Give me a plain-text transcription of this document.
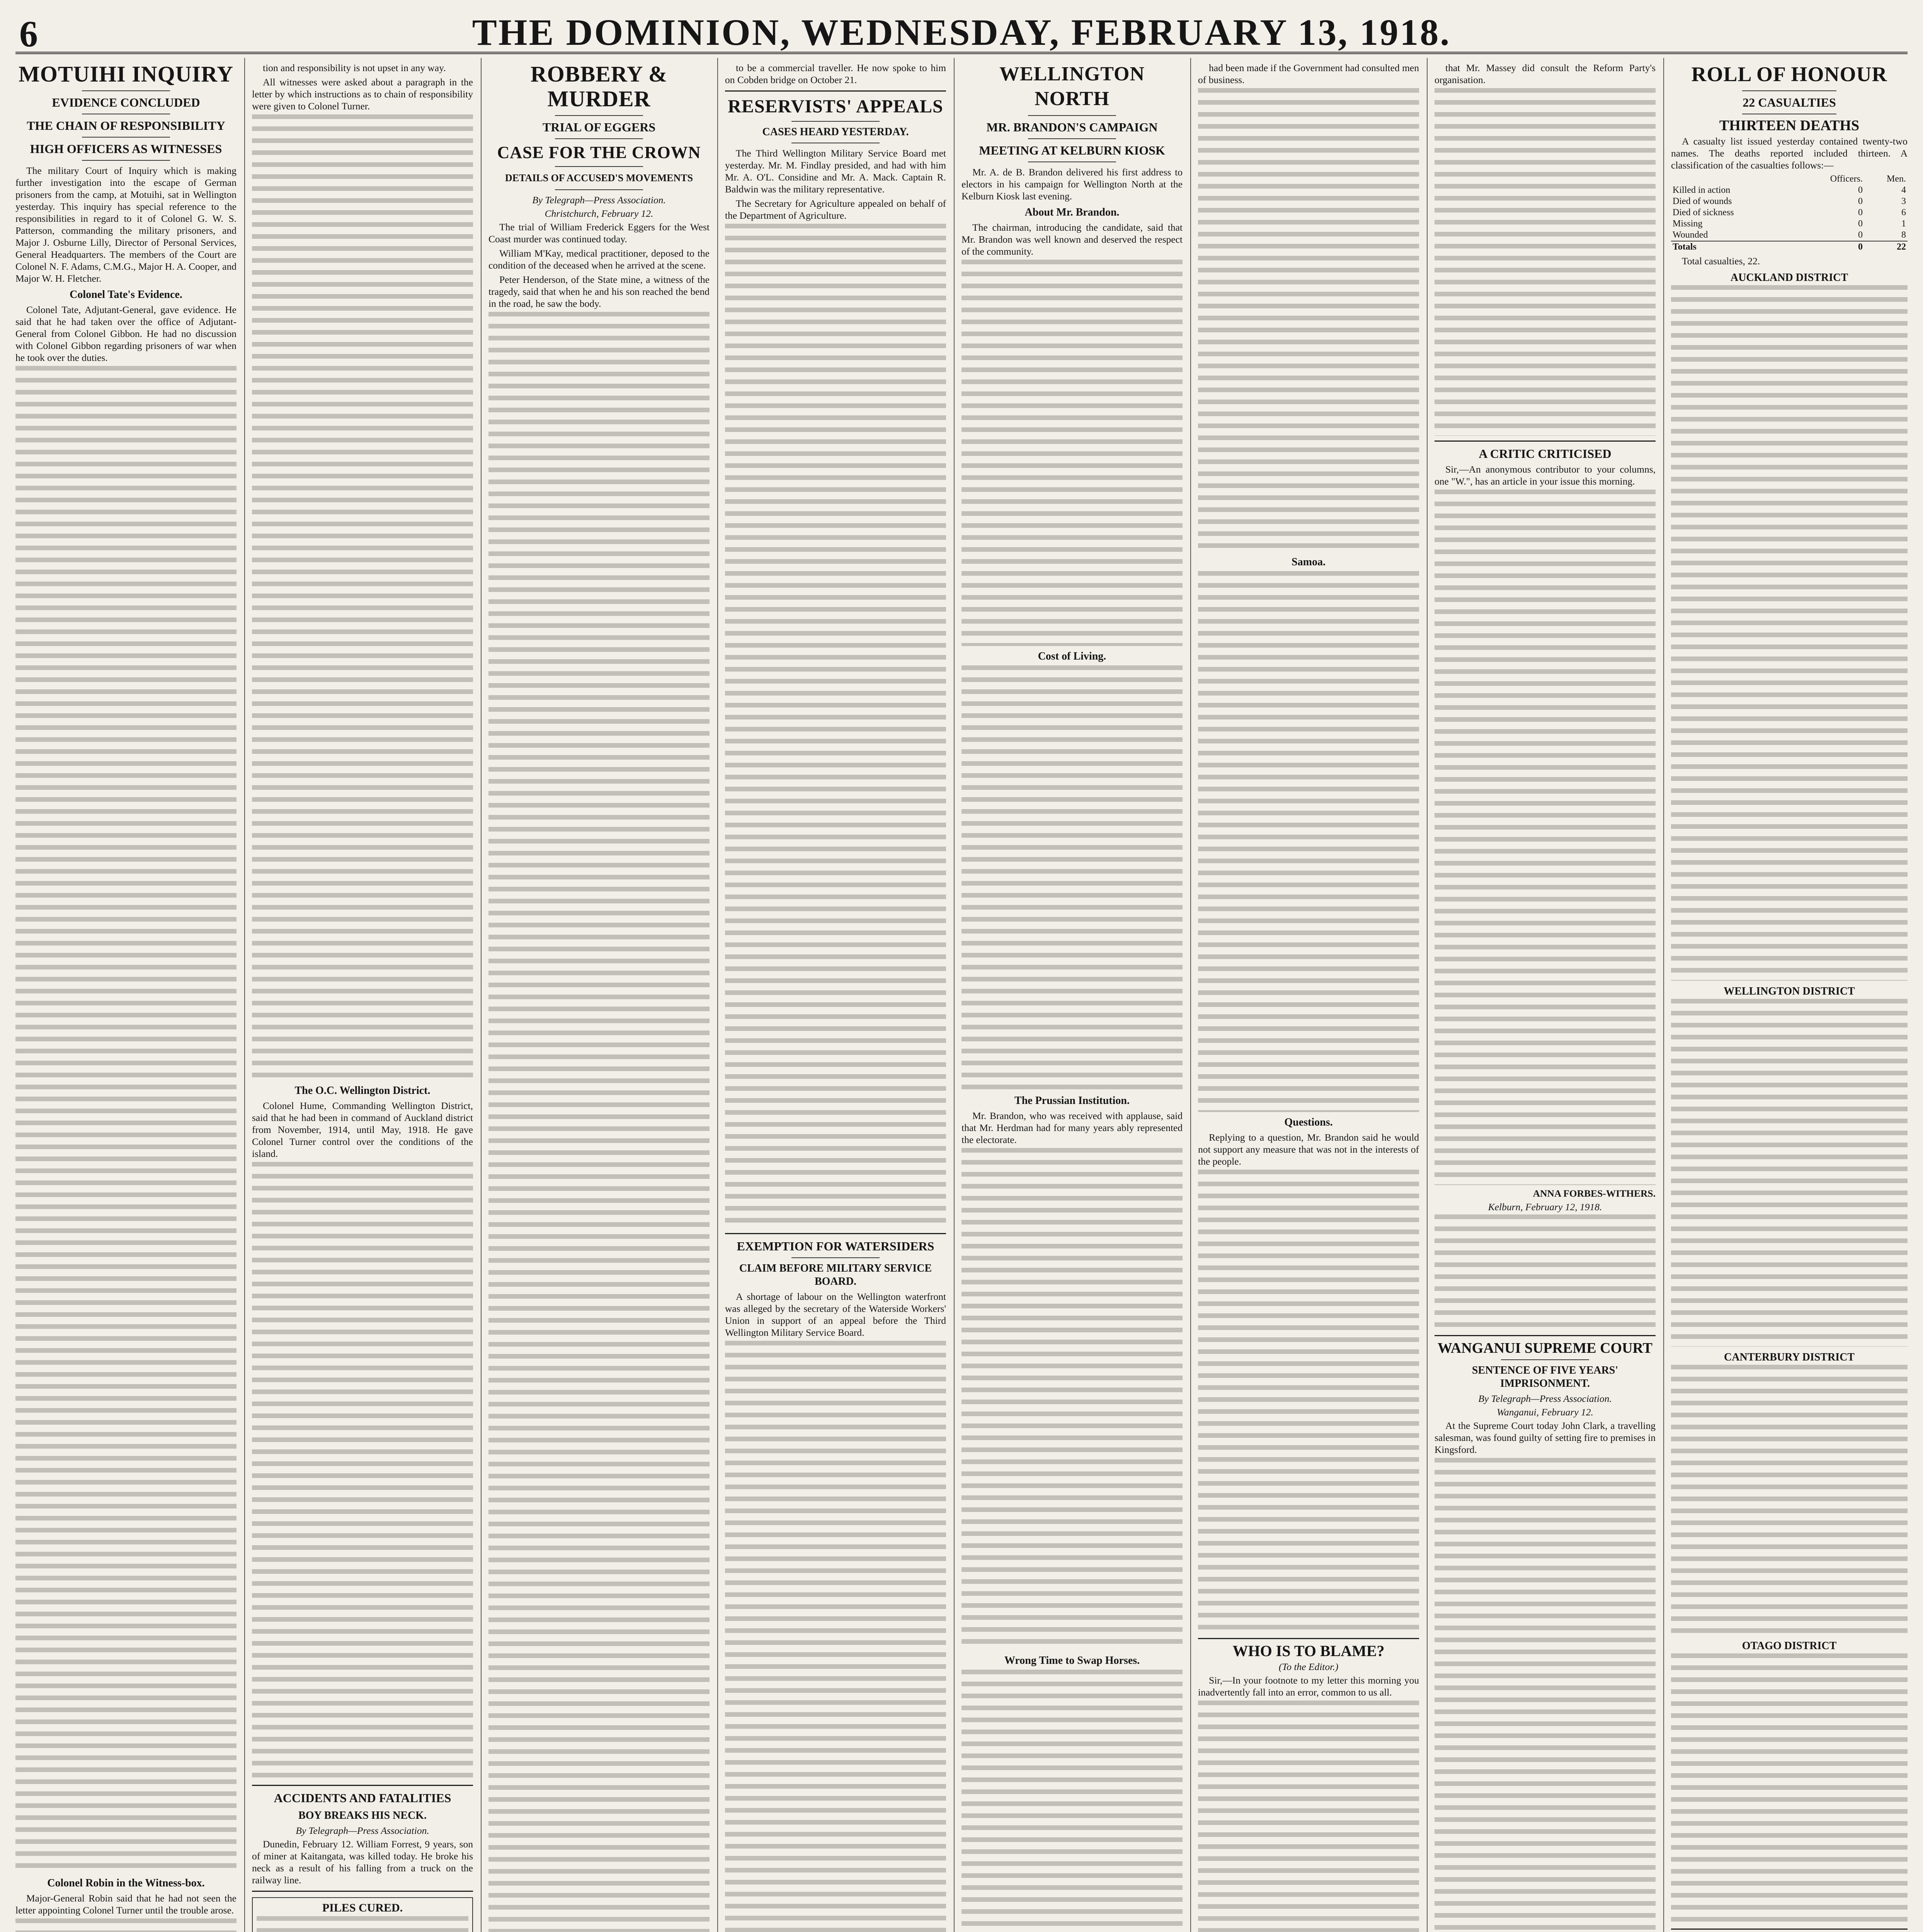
6	THE DOMINION, WEDNESDAY, FEBRUARY 13, 1918.
MOTUIHI INQUIRY
EVIDENCE CONCLUDED
THE CHAIN OF RESPONSIBILITY
HIGH OFFICERS AS WITNESSES

The military Court of Inquiry which is making further investigation into the escape of German prisoners from the camp, at Motuihi, sat in Wellington yesterday. This inquiry has special reference to the responsibilities in regard to it of Colonel G. W. S. Patterson, commanding the military prisoners, and Major J. Osburne Lilly, Director of Personal Services, General Headquarters. The members of the Court are Colonel N. F. Adams, C.M.G., Major H. A. Cooper, and Major W. H. Fletcher.

Colonel Tate's Evidence.

Colonel Tate, Adjutant-General, gave evidence. He said that he had taken over the office of Adjutant-General from Colonel Gibbon. He had no discussion with Colonel Gibbon regarding prisoners of war when he took over the duties.

Colonel Robin in the Witness-box.

Major-General Robin said that he had not seen the letter appointing Colonel Turner until the trouble arose.

tion and responsibility is not upset in any way.

All witnesses were asked about a paragraph in the letter by which instructions as to chain of responsibility were given to Colonel Turner.

The O.C. Wellington District.

Colonel Hume, Commanding Wellington District, said that he had been in command of Auckland district from November, 1914, until May, 1918. He gave Colonel Turner control over the conditions of the island.

ACCIDENTS AND FATALITIES
BOY BREAKS HIS NECK.
By Telegraph—Press Association.

Dunedin, February 12. William Forrest, 9 years, son of miner at Kaitangata, was killed today. He broke his neck as a result of his falling from a truck on the railway line.

PILES CURED.
ROBBERY & MURDER
TRIAL OF EGGERS
CASE FOR THE CROWN
DETAILS OF ACCUSED'S MOVEMENTS
By Telegraph—Press Association.
Christchurch, February 12.

The trial of William Frederick Eggers for the West Coast murder was continued today.

William M'Kay, medical practitioner, deposed to the condition of the deceased when he arrived at the scene.

Peter Henderson, of the State mine, a witness of the tragedy, said that when he and his son reached the bend in the road, he saw the body.

to be a commercial traveller. He now spoke to him on Cobden bridge on October 21.

RESERVISTS' APPEALS
CASES HEARD YESTERDAY.

The Third Wellington Military Service Board met yesterday. Mr. M. Findlay presided, and had with him Mr. A. O'L. Considine and Mr. A. Mack. Captain R. Baldwin was the military representative.

The Secretary for Agriculture appealed on behalf of the Department of Agriculture.

EXEMPTION FOR WATERSIDERS
CLAIM BEFORE MILITARY SERVICE BOARD.

A shortage of labour on the Wellington waterfront was alleged by the secretary of the Waterside Workers' Union in support of an appeal before the Third Wellington Military Service Board.

WELLINGTON NORTH
MR. BRANDON'S CAMPAIGN
MEETING AT KELBURN KIOSK

Mr. A. de B. Brandon delivered his first address to electors in his campaign for Wellington North at the Kelburn Kiosk last evening.

About Mr. Brandon.

The chairman, introducing the candidate, said that Mr. Brandon was well known and deserved the respect of the community.

Cost of Living.
The Prussian Institution.

Mr. Brandon, who was received with applause, said that Mr. Herdman had for many years ably represented the electorate.

Wrong Time to Swap Horses.

had been made if the Government had consulted men of business.

Samoa.
Questions.

Replying to a question, Mr. Brandon said he would not support any measure that was not in the interests of the people.

WHO IS TO BLAME?
(To the Editor.)

Sir,—In your footnote to my letter this morning you inadvertently fall into an error, common to us all.

that Mr. Massey did consult the Reform Party's organisation.

A CRITIC CRITICISED

Sir,—An anonymous contributor to your columns, one "W.", has an article in your issue this morning.

ANNA FORBES-WITHERS.
Kelburn, February 12, 1918.
WANGANUI SUPREME COURT
SENTENCE OF FIVE YEARS' IMPRISONMENT.
By Telegraph—Press Association.
Wanganui, February 12.

At the Supreme Court today John Clark, a travelling salesman, was found guilty of setting fire to premises in Kingsford.

ROLL OF HONOUR
22 CASUALTIES
THIRTEEN DEATHS

A casualty list issued yesterday contained twenty-two names. The deaths reported included thirteen. A classification of the casualties follows:—

	Officers.	Men.
Killed in action	0	4
Died of wounds	0	3
Died of sickness	0	6
Missing	0	1
Wounded	0	8
Totals	0	22

Total casualties, 22.

AUCKLAND DISTRICT
WELLINGTON DISTRICT
CANTERBURY DISTRICT
OTAGO DISTRICT
